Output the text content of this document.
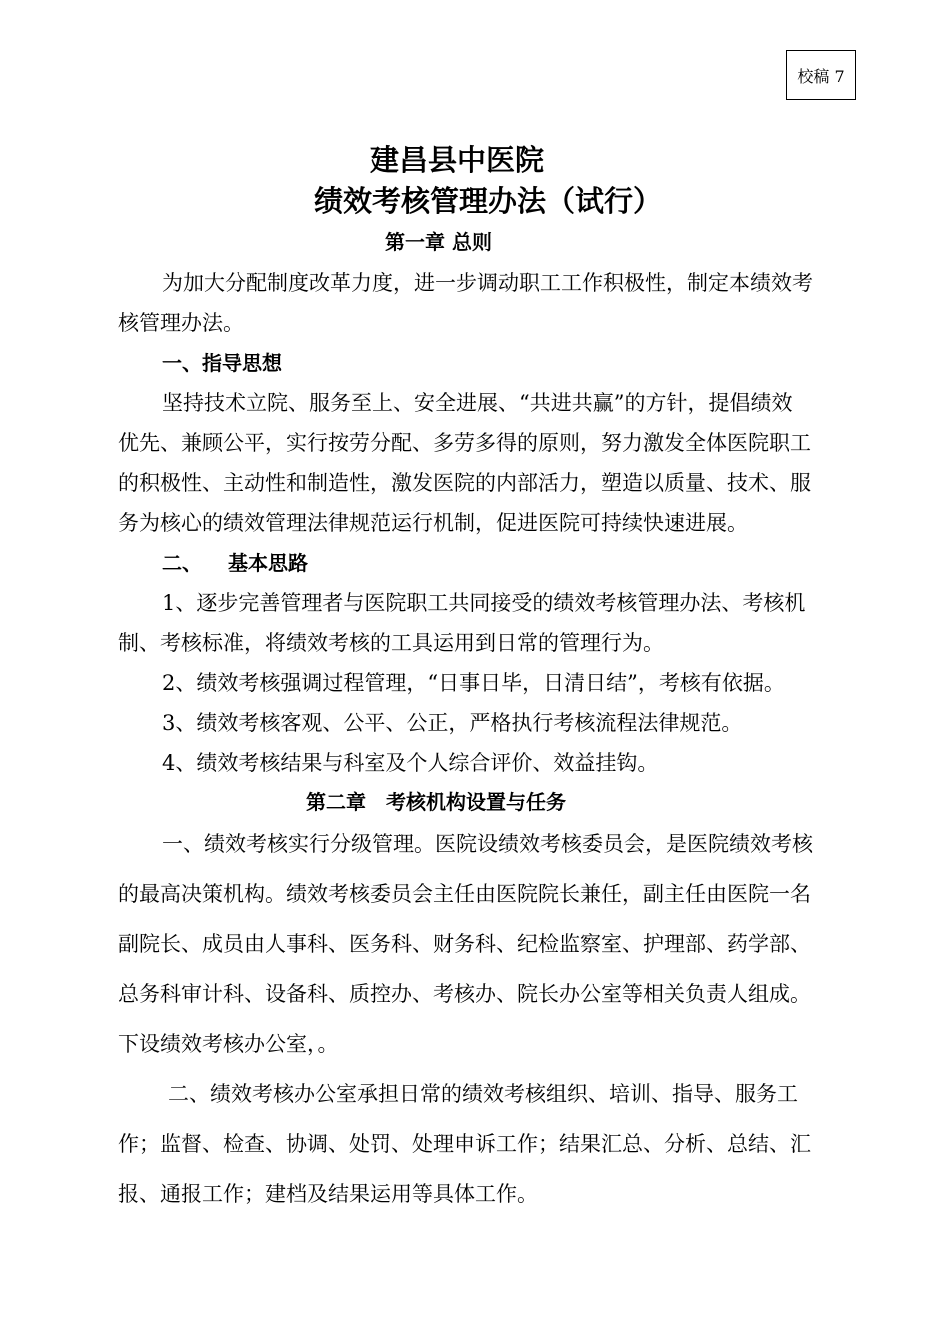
校稿 7
建昌县中医院
绩效考核管理办法（试行）
第一章 总则
为加大分配制度改革力度，进一步调动职工工作积极性，制定本绩效考
核管理办法。
一、指导思想
坚持技术立院、服务至上、安全进展、“共进共赢”的方针，提倡绩效
优先、兼顾公平，实行按劳分配、多劳多得的原则，努力激发全体医院职工
的积极性、主动性和制造性，激发医院的内部活力，塑造以质量、技术、服
务为核心的绩效管理法律规范运行机制，促进医院可持续快速进展。
二、 基本思路
1、逐步完善管理者与医院职工共同接受的绩效考核管理办法、考核机
制、考核标准，将绩效考核的工具运用到日常的管理行为。
2、绩效考核强调过程管理，“日事日毕，日清日结”，考核有依据。
3、绩效考核客观、公平、公正，严格执行考核流程法律规范。
4、绩效考核结果与科室及个人综合评价、效益挂钩。
第二章　考核机构设置与任务
一、绩效考核实行分级管理。医院设绩效考核委员会，是医院绩效考核
的最高决策机构。绩效考核委员会主任由医院院长兼任，副主任由医院一名
副院长、成员由人事科、医务科、财务科、纪检监察室、护理部、药学部、
总务科审计科、设备科、质控办、考核办、院长办公室等相关负责人组成。
下设绩效考核办公室，。
二、绩效考核办公室承担日常的绩效考核组织、培训、指导、服务工
作；监督、检查、协调、处罚、处理申诉工作；结果汇总、分析、总结、汇
报、通报工作；建档及结果运用等具体工作。
